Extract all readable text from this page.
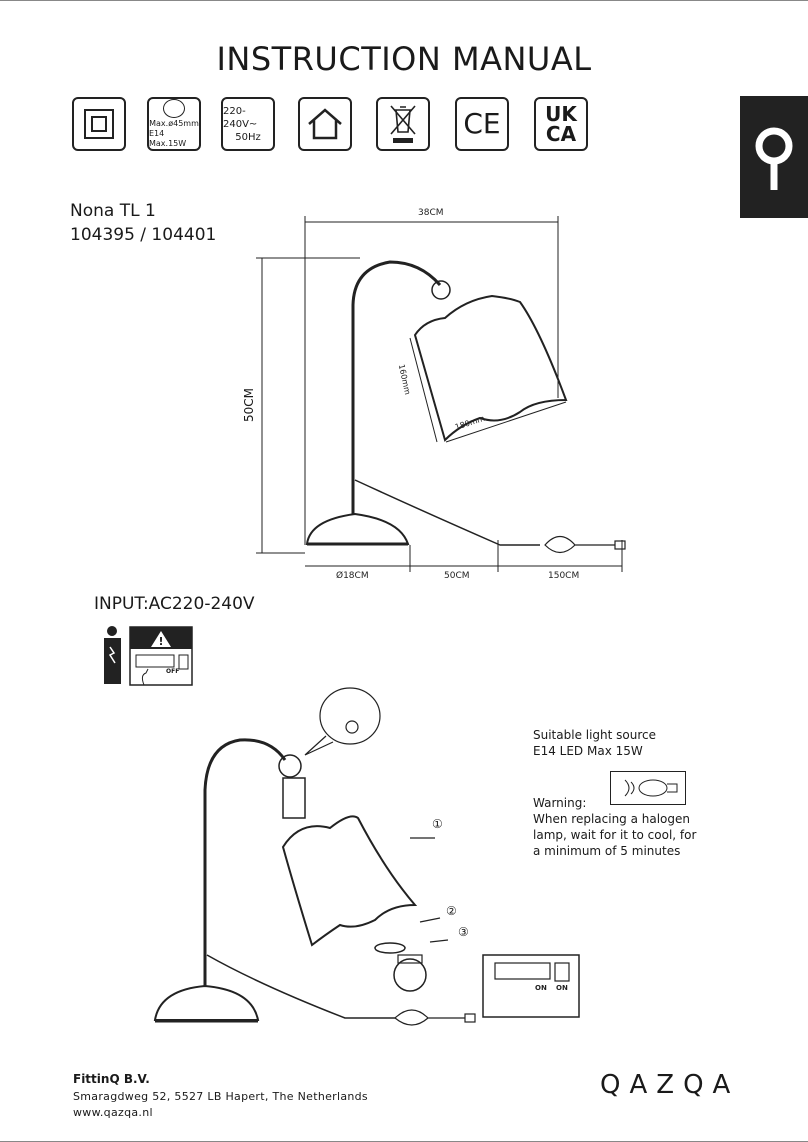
INSTRUCTION MANUAL
Max.ø45mm
E14 Max.15W
220-240V~
50Hz	CE UK
CA
Nona TL 1
104395 / 104401
38CM
180mm
Ø18CM	50CM	150CM
50CM
160mm
INPUT:AC220-240V
!
OFF
①
②
③
ON ON
Suitable light source
E14 LED Max 15W
Warning:
When replacing a halogen
lamp, wait for it to cool, for
a minimum of 5 minutes
FittinQ B.V.
Smaragdweg 52, 5527 LB Hapert, The Netherlands
www.qazqa.nl
QAZQA
